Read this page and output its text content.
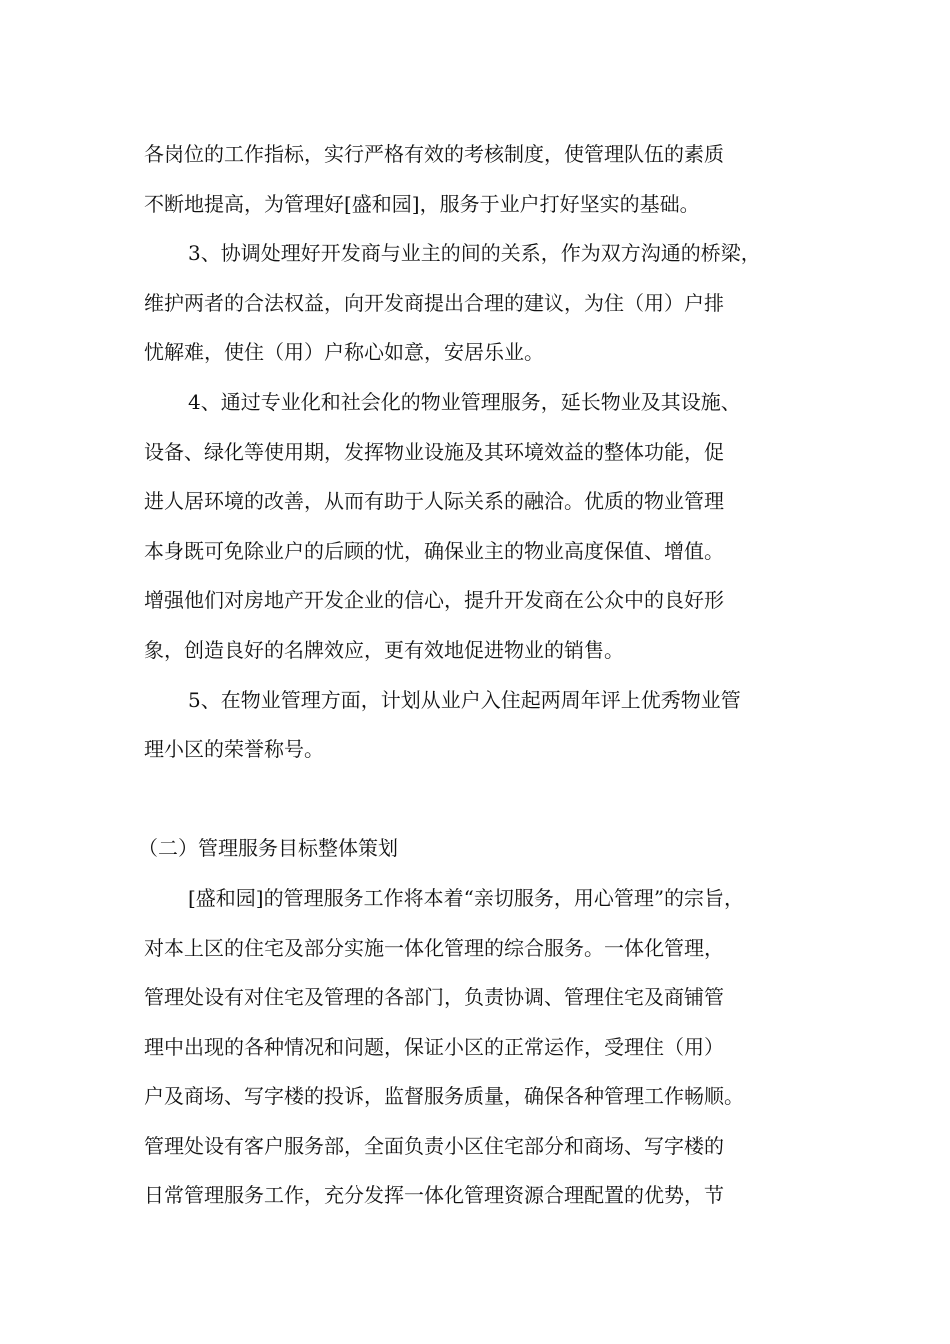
各岗位的工作指标，实行严格有效的考核制度，使管理队伍的素质
不断地提高，为管理好[盛和园]，服务于业户打好坚实的基础。
3、协调处理好开发商与业主的间的关系，作为双方沟通的桥梁，
维护两者的合法权益，向开发商提出合理的建议，为住（用）户排
忧解难，使住（用）户称心如意，安居乐业。
4、通过专业化和社会化的物业管理服务，延长物业及其设施、
设备、绿化等使用期，发挥物业设施及其环境效益的整体功能，促
进人居环境的改善，从而有助于人际关系的融洽。优质的物业管理
本身既可免除业户的后顾的忧，确保业主的物业高度保值、增值。
增强他们对房地产开发企业的信心，提升开发商在公众中的良好形
象，创造良好的名牌效应，更有效地促进物业的销售。
5、在物业管理方面，计划从业户入住起两周年评上优秀物业管
理小区的荣誉称号。
（二）管理服务目标整体策划
[盛和园]的管理服务工作将本着“亲切服务，用心管理”的宗旨，
对本上区的住宅及部分实施一体化管理的综合服务。一体化管理，
管理处设有对住宅及管理的各部门，负责协调、管理住宅及商铺管
理中出现的各种情况和问题，保证小区的正常运作，受理住（用）
户及商场、写字楼的投诉，监督服务质量，确保各种管理工作畅顺。
管理处设有客户服务部，全面负责小区住宅部分和商场、写字楼的
日常管理服务工作，充分发挥一体化管理资源合理配置的优势，节
